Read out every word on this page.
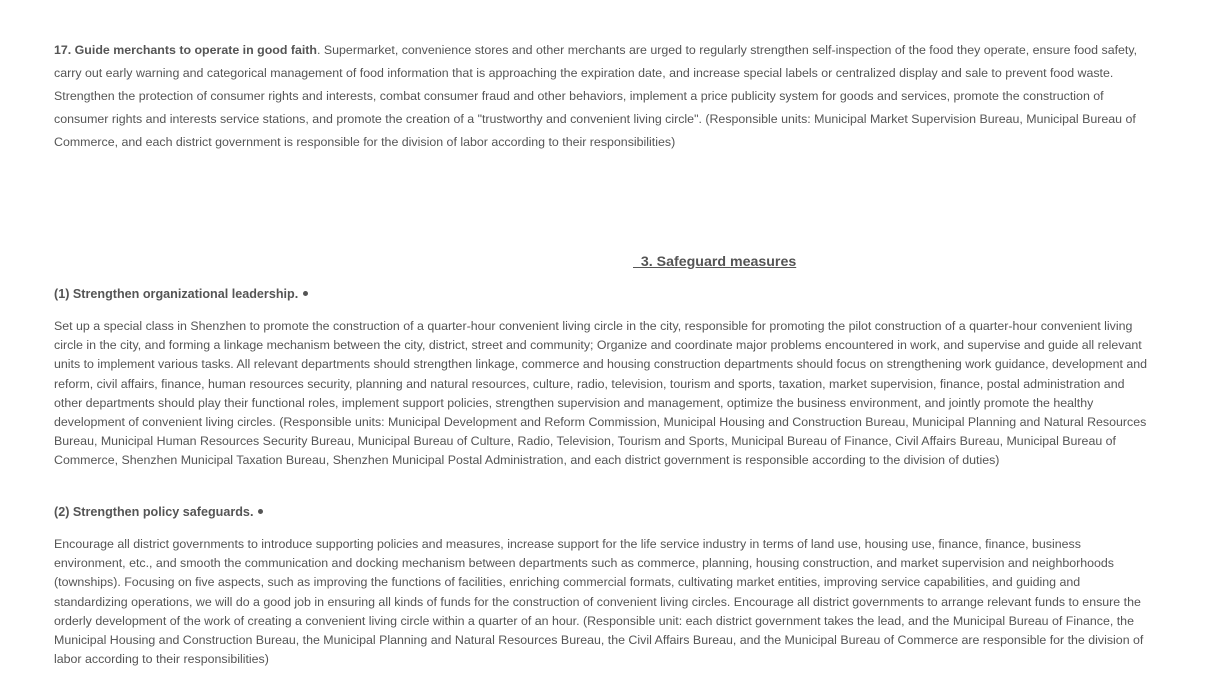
17. Guide merchants to operate in good faith. Supermarket, convenience stores and other merchants are urged to regularly strengthen self-inspection of the food they operate, ensure food safety, carry out early warning and categorical management of food information that is approaching the expiration date, and increase special labels or centralized display and sale to prevent food waste. Strengthen the protection of consumer rights and interests, combat consumer fraud and other behaviors, implement a price publicity system for goods and services, promote the construction of consumer rights and interests service stations, and promote the creation of a "trustworthy and convenient living circle". (Responsible units: Municipal Market Supervision Bureau, Municipal Bureau of Commerce, and each district government is responsible for the division of labor according to their responsibilities)

3. Safeguard measures
(1) Strengthen organizational leadership.

Set up a special class in Shenzhen to promote the construction of a quarter-hour convenient living circle in the city, responsible for promoting the pilot construction of a quarter-hour convenient living circle in the city, and forming a linkage mechanism between the city, district, street and community; Organize and coordinate major problems encountered in work, and supervise and guide all relevant units to implement various tasks. All relevant departments should strengthen linkage, commerce and housing construction departments should focus on strengthening work guidance, development and reform, civil affairs, finance, human resources security, planning and natural resources, culture, radio, television, tourism and sports, taxation, market supervision, finance, postal administration and other departments should play their functional roles, implement support policies, strengthen supervision and management, optimize the business environment, and jointly promote the healthy development of convenient living circles. (Responsible units: Municipal Development and Reform Commission, Municipal Housing and Construction Bureau, Municipal Planning and Natural Resources Bureau, Municipal Human Resources Security Bureau, Municipal Bureau of Culture, Radio, Television, Tourism and Sports, Municipal Bureau of Finance, Civil Affairs Bureau, Municipal Bureau of Commerce, Shenzhen Municipal Taxation Bureau, Shenzhen Municipal Postal Administration, and each district government is responsible according to the division of duties)

(2) Strengthen policy safeguards.

Encourage all district governments to introduce supporting policies and measures, increase support for the life service industry in terms of land use, housing use, finance, finance, business environment, etc., and smooth the communication and docking mechanism between departments such as commerce, planning, housing construction, and market supervision and neighborhoods (townships). Focusing on five aspects, such as improving the functions of facilities, enriching commercial formats, cultivating market entities, improving service capabilities, and guiding and standardizing operations, we will do a good job in ensuring all kinds of funds for the construction of convenient living circles. Encourage all district governments to arrange relevant funds to ensure the orderly development of the work of creating a convenient living circle within a quarter of an hour. (Responsible unit: each district government takes the lead, and the Municipal Bureau of Finance, the Municipal Housing and Construction Bureau, the Municipal Planning and Natural Resources Bureau, the Civil Affairs Bureau, and the Municipal Bureau of Commerce are responsible for the division of labor according to their responsibilities)
